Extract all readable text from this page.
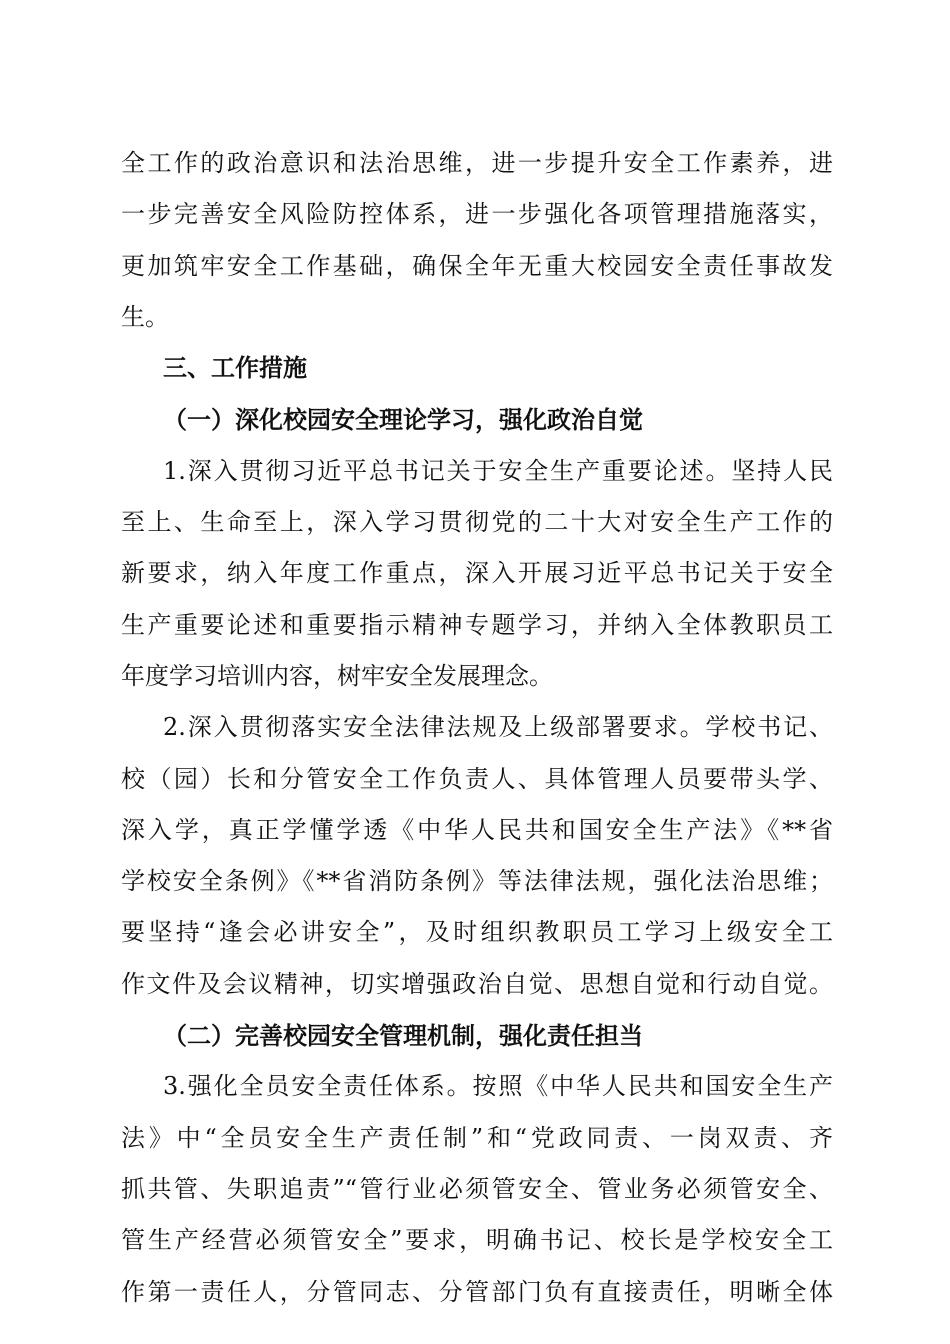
全工作的政治意识和法治思维，进一步提升安全工作素养，进
一步完善安全风险防控体系，进一步强化各项管理措施落实，
更加筑牢安全工作基础，确保全年无重大校园安全责任事故发
生。
三、工作措施
（一）深化校园安全理论学习，强化政治自觉
1.深入贯彻习近平总书记关于安全生产重要论述。坚持人民
至上、生命至上，深入学习贯彻党的二十大对安全生产工作的
新要求，纳入年度工作重点，深入开展习近平总书记关于安全
生产重要论述和重要指示精神专题学习，并纳入全体教职员工
年度学习培训内容，树牢安全发展理念。
2.深入贯彻落实安全法律法规及上级部署要求。学校书记、
校（园）长和分管安全工作负责人、具体管理人员要带头学、
深入学，真正学懂学透《中华人民共和国安全生产法》《**省
学校安全条例》《**省消防条例》等法律法规，强化法治思维；
要坚持“逢会必讲安全”，及时组织教职员工学习上级安全工
作文件及会议精神，切实增强政治自觉、思想自觉和行动自觉。
（二）完善校园安全管理机制，强化责任担当
3.强化全员安全责任体系。按照《中华人民共和国安全生产
法》中“全员安全生产责任制”和“党政同责、一岗双责、齐
抓共管、失职追责”“管行业必须管安全、管业务必须管安全、
管生产经营必须管安全”要求，明确书记、校长是学校安全工
作第一责任人，分管同志、分管部门负有直接责任，明晰全体
